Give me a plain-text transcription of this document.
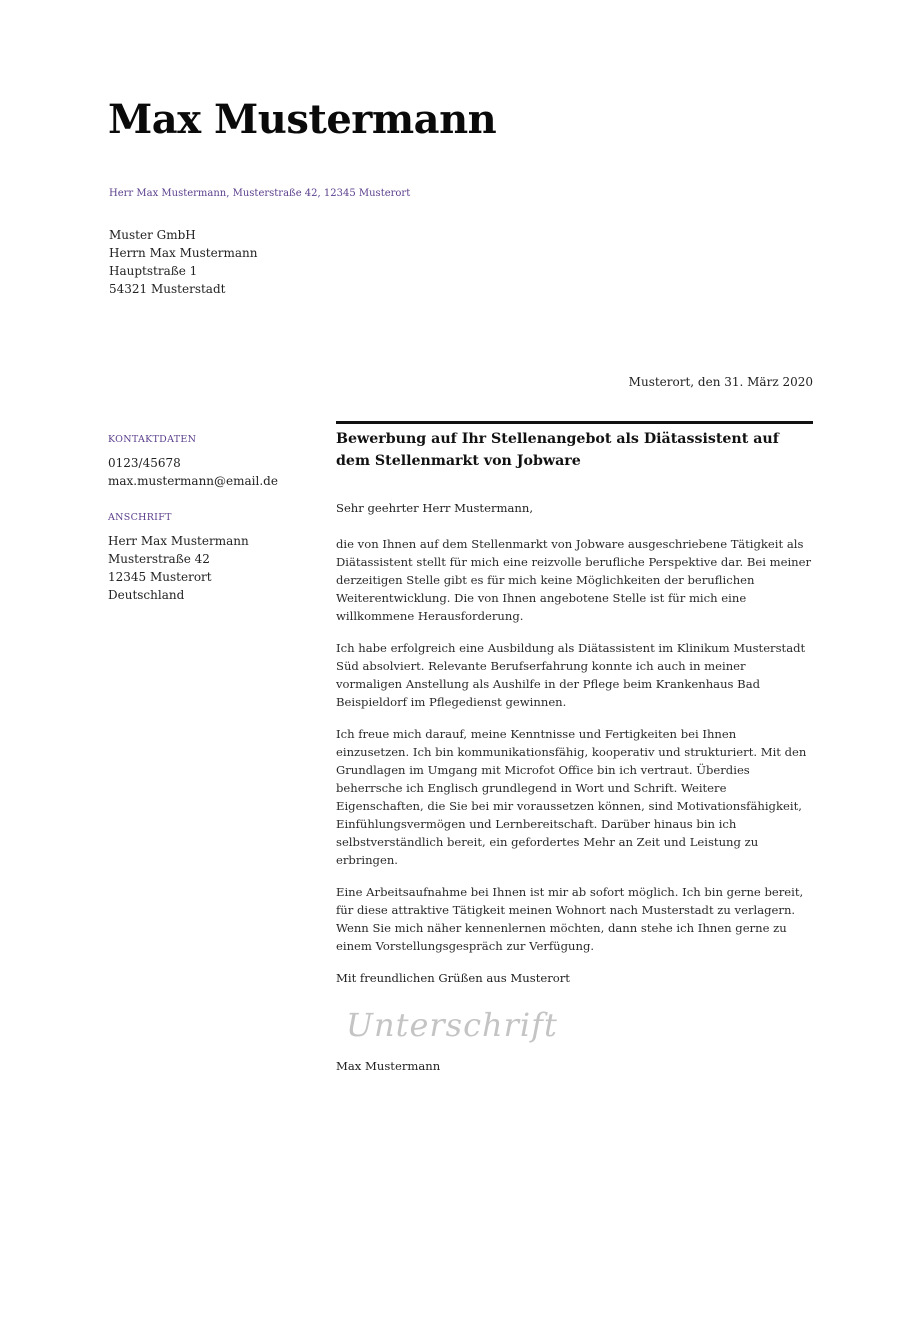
Max Mustermann
Herr Max Mustermann, Musterstraße 42, 12345 Musterort
Muster GmbH
Herrn Max Mustermann
Hauptstraße 1
54321 Musterstadt
Musterort, den 31. März 2020
KONTAKTDATEN
0123/45678
max.mustermann@email.de
ANSCHRIFT
Herr Max Mustermann
Musterstraße 42
12345 Musterort
Deutschland
Bewerbung auf Ihr Stellenangebot als Diätassistent auf dem Stellenmarkt von Jobware
Sehr geehrter Herr Mustermann,

die von Ihnen auf dem Stellenmarkt von Jobware ausgeschriebene Tätigkeit als Diätassistent stellt für mich eine reizvolle berufliche Perspektive dar. Bei meiner derzeitigen Stelle gibt es für mich keine Möglichkeiten der beruflichen Weiterentwicklung. Die von Ihnen angebotene Stelle ist für mich eine willkommene Herausforderung.

Ich habe erfolgreich eine Ausbildung als Diätassistent im Klinikum Musterstadt Süd absolviert. Relevante Berufserfahrung konnte ich auch in meiner vormaligen Anstellung als Aushilfe in der Pflege beim Krankenhaus Bad Beispieldorf im Pflegedienst gewinnen.

Ich freue mich darauf, meine Kenntnisse und Fertigkeiten bei Ihnen einzusetzen. Ich bin kommunikationsfähig, kooperativ und strukturiert. Mit den Grundlagen im Umgang mit Microfot Office bin ich vertraut. Überdies beherrsche ich Englisch grundlegend in Wort und Schrift. Weitere Eigenschaften, die Sie bei mir voraussetzen können, sind Motivationsfähigkeit, Einfühlungsvermögen und Lernbereitschaft. Darüber hinaus bin ich selbstverständlich bereit, ein gefordertes Mehr an Zeit und Leistung zu erbringen.

Eine Arbeitsaufnahme bei Ihnen ist mir ab sofort möglich. Ich bin gerne bereit, für diese attraktive Tätigkeit meinen Wohnort nach Musterstadt zu verlagern. Wenn Sie mich näher kennenlernen möchten, dann stehe ich Ihnen gerne zu einem Vorstellungsgespräch zur Verfügung.

Mit freundlichen Grüßen aus Musterort
Unterschrift
Max Mustermann
